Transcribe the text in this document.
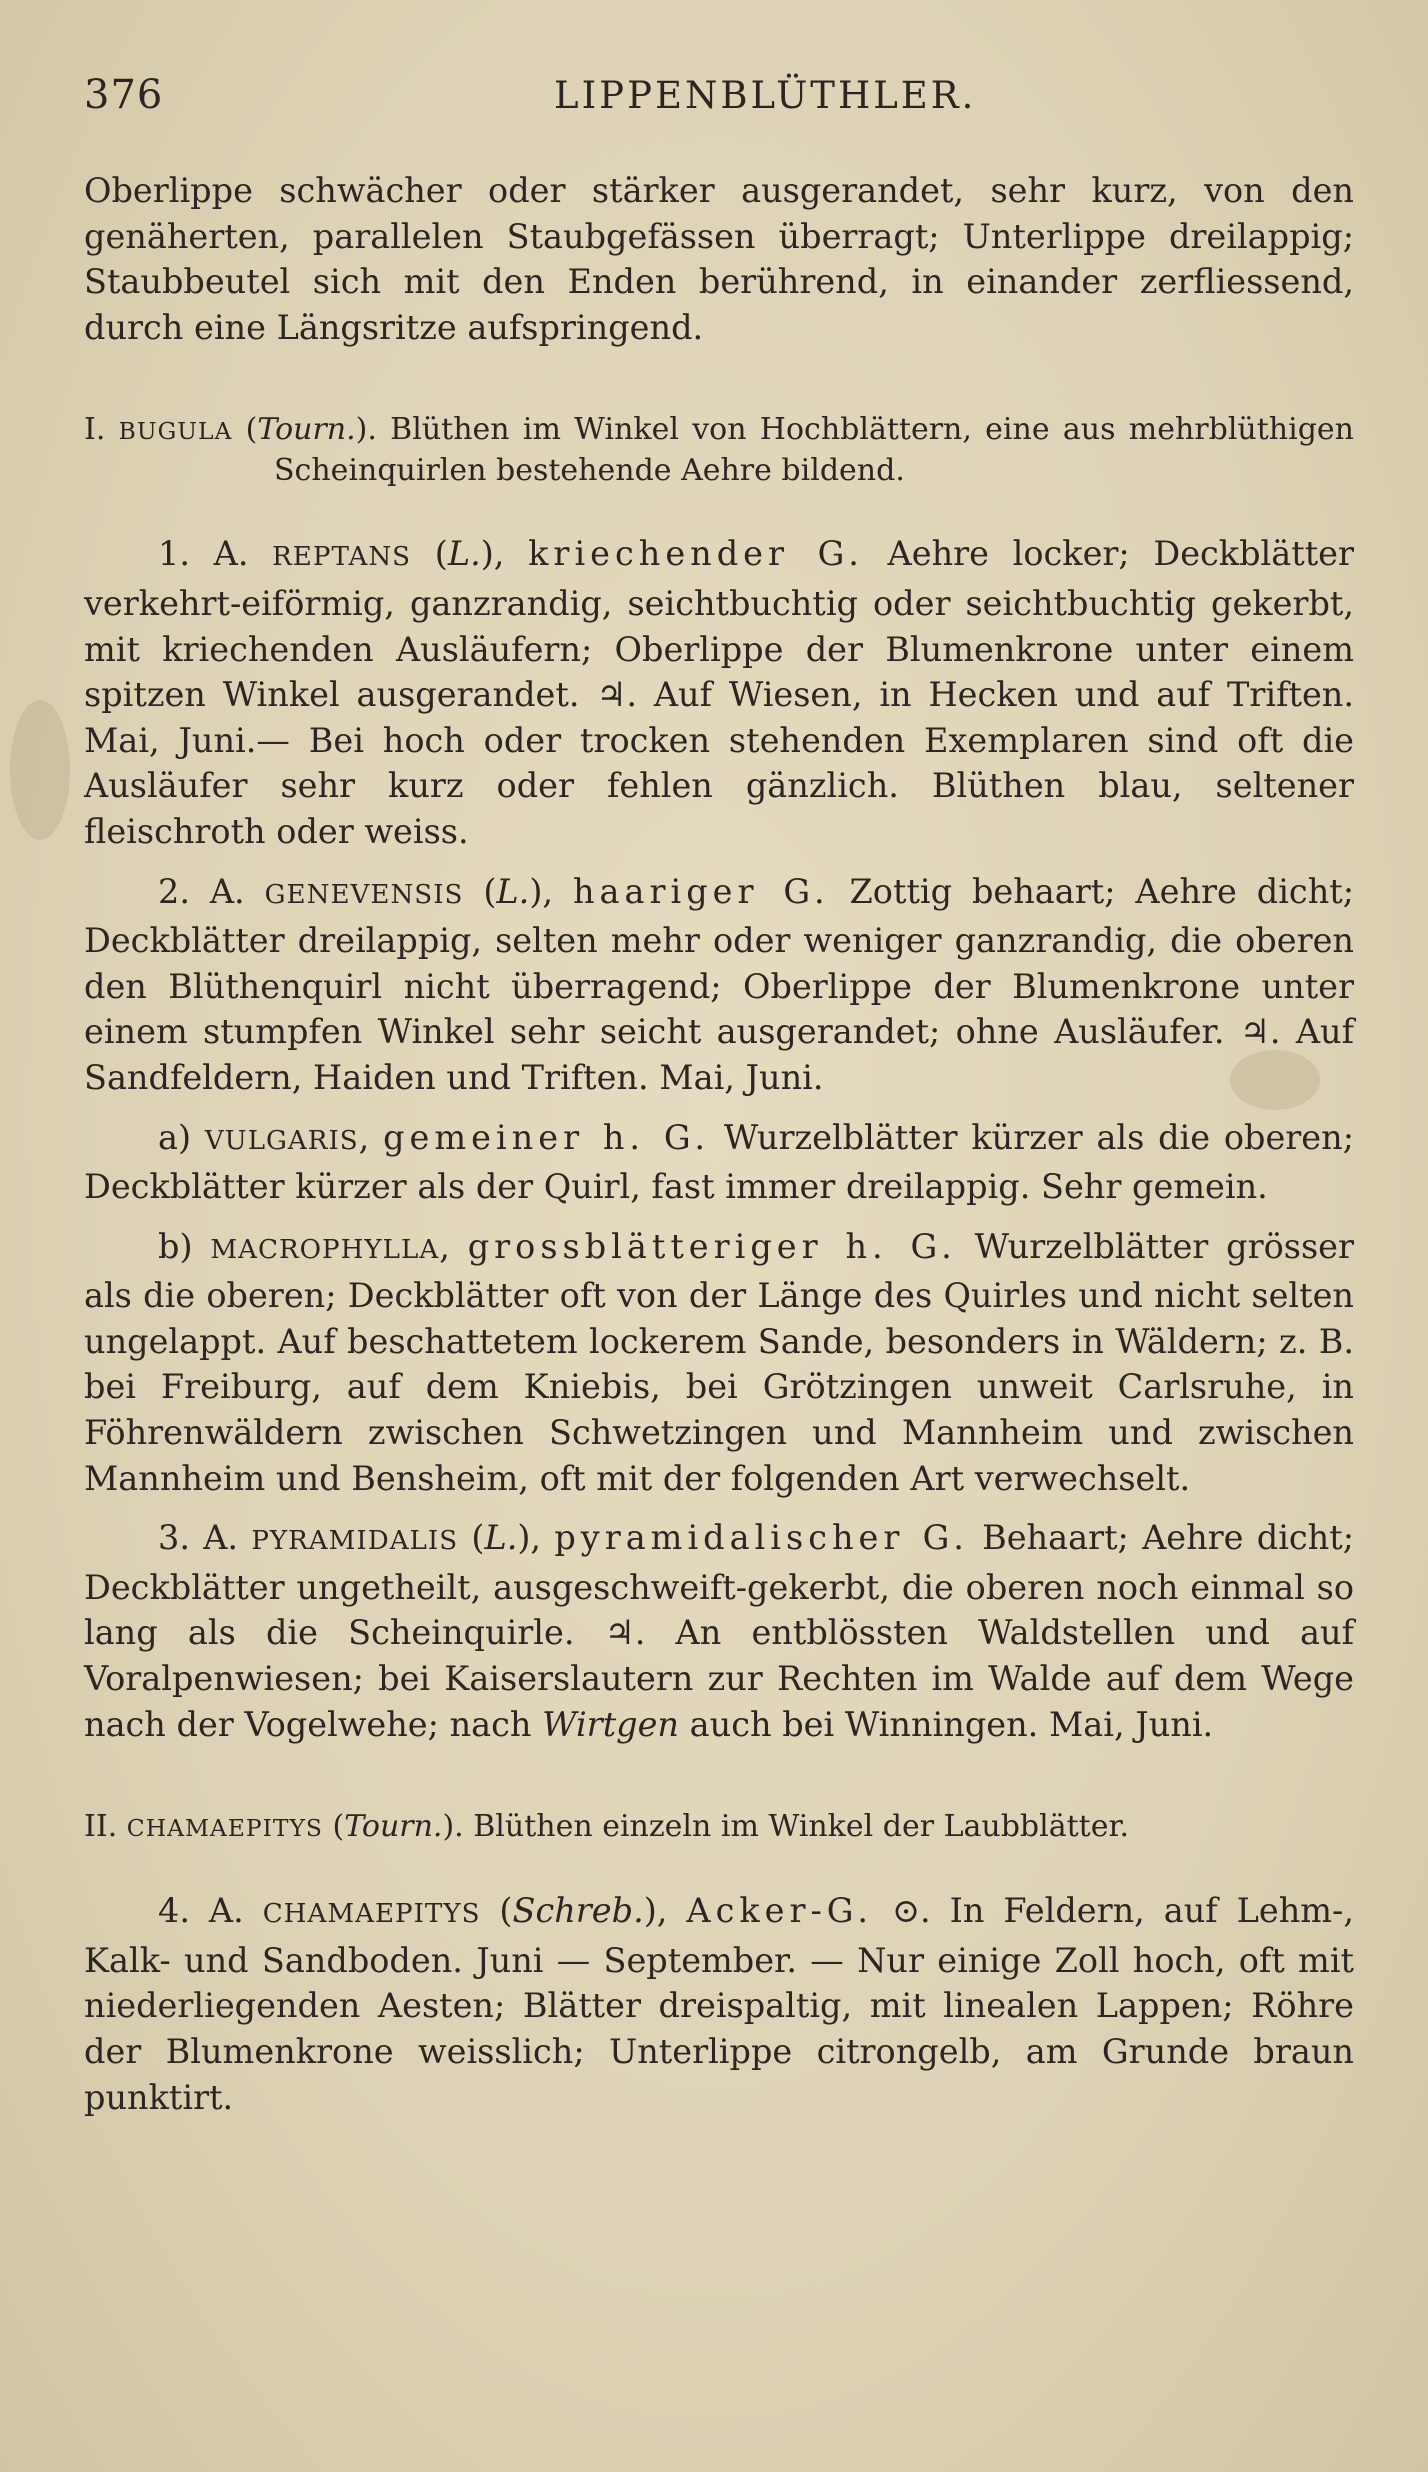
376	LIPPENBLÜTHLER.

Oberlippe schwächer oder stärker ausgerandet, sehr kurz, von den genäherten, parallelen Staubgefässen überragt; Unterlippe dreilappig; Staubbeutel sich mit den Enden berührend, in einander zerfliessend, durch eine Längsritze aufspringend.

I. BUGULA (Tourn.). Blüthen im Winkel von Hochblättern, eine aus mehrblüthigen Scheinquirlen bestehende Aehre bildend.

1. A. REPTANS (L.), kriechender G. Aehre locker; Deckblätter verkehrt-eiförmig, ganzrandig, seichtbuchtig oder seichtbuchtig gekerbt, mit kriechenden Ausläufern; Oberlippe der Blumenkrone unter einem spitzen Winkel ausgerandet. ♃. Auf Wiesen, in Hecken und auf Triften. Mai, Juni.— Bei hoch oder trocken stehenden Exemplaren sind oft die Ausläufer sehr kurz oder fehlen gänzlich. Blüthen blau, seltener fleischroth oder weiss.

2. A. GENEVENSIS (L.), haariger G. Zottig behaart; Aehre dicht; Deckblätter dreilappig, selten mehr oder weniger ganzrandig, die oberen den Blüthenquirl nicht überragend; Oberlippe der Blumenkrone unter einem stumpfen Winkel sehr seicht ausgerandet; ohne Ausläufer. ♃. Auf Sandfeldern, Haiden und Triften. Mai, Juni.

a) VULGARIS, gemeiner h. G. Wurzelblätter kürzer als die oberen; Deckblätter kürzer als der Quirl, fast immer dreilappig. Sehr gemein.

b) MACROPHYLLA, grossblätteriger h. G. Wurzelblätter grösser als die oberen; Deckblätter oft von der Länge des Quirles und nicht selten ungelappt. Auf beschattetem lockerem Sande, besonders in Wäldern; z. B. bei Freiburg, auf dem Kniebis, bei Grötzingen unweit Carlsruhe, in Föhrenwäldern zwischen Schwetzingen und Mannheim und zwischen Mannheim und Bensheim, oft mit der folgenden Art verwechselt.

3. A. PYRAMIDALIS (L.), pyramidalischer G. Behaart; Aehre dicht; Deckblätter ungetheilt, ausgeschweift-gekerbt, die oberen noch einmal so lang als die Scheinquirle. ♃. An entblössten Waldstellen und auf Voralpenwiesen; bei Kaiserslautern zur Rechten im Walde auf dem Wege nach der Vogelwehe; nach Wirtgen auch bei Winningen. Mai, Juni.

II. CHAMAEPITYS (Tourn.). Blüthen einzeln im Winkel der Laubblätter.

4. A. CHAMAEPITYS (Schreb.), Acker-G. ⊙. In Feldern, auf Lehm-, Kalk- und Sandboden. Juni — September. — Nur einige Zoll hoch, oft mit niederliegenden Aesten; Blätter dreispaltig, mit linealen Lappen; Röhre der Blumenkrone weisslich; Unterlippe citrongelb, am Grunde braun punktirt.
